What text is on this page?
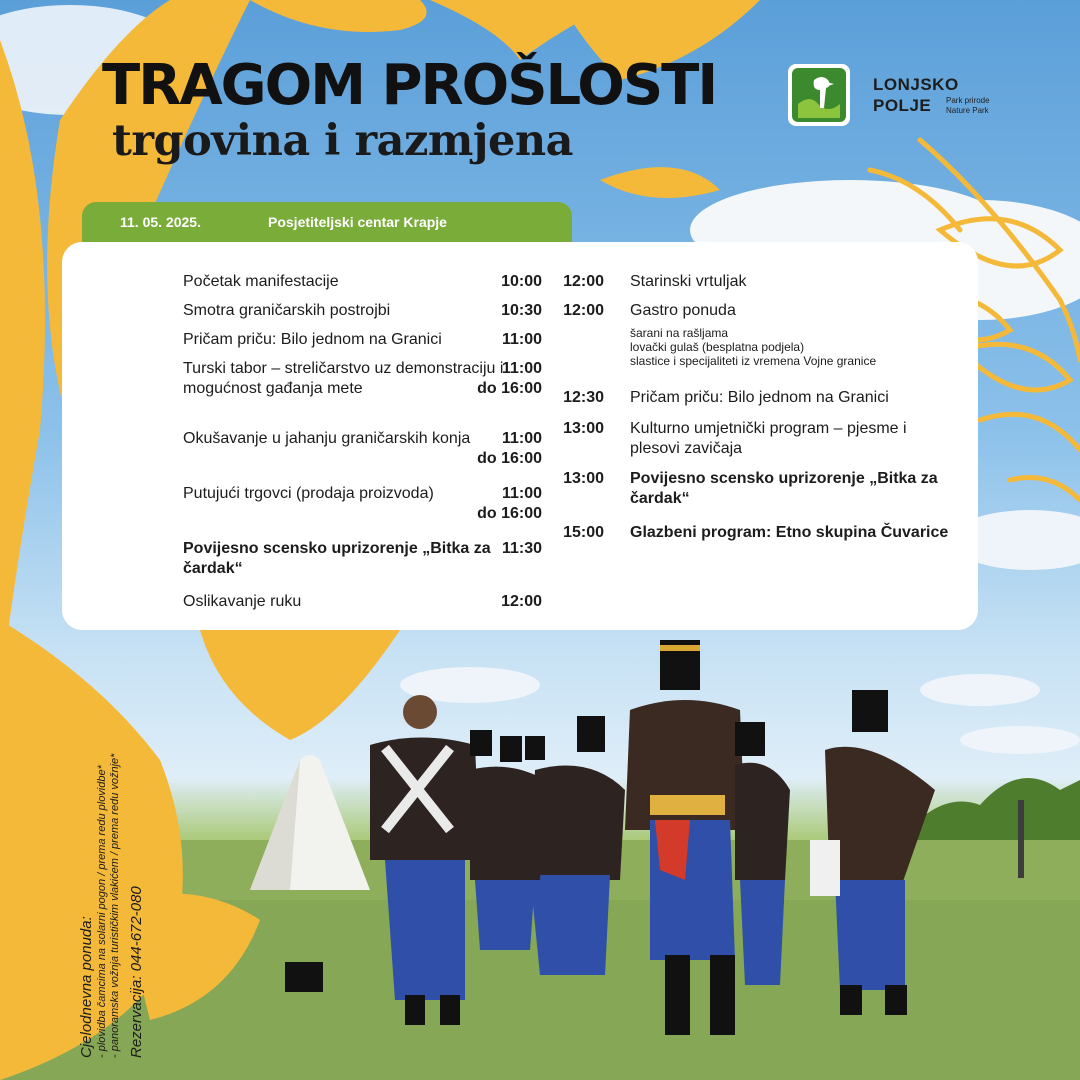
TRAGOM PROŠLOSTI
trgovina i razmjena
LONJSKO
POLJE	Park prirode
Nature Park
11. 05. 2025.	Posjetiteljski centar Krapje
10:00
Početak manifestacije
10:30
Smotra graničarskih postrojbi
11:00
Pričam priču: Bilo jednom na Granici
11:00
do 16:00
Turski tabor – streličarstvo uz demonstraciju i mogućnost gađanja mete
11:00
do 16:00
Okušavanje u jahanju graničarskih konja
11:00
do 16:00
Putujući trgovci (prodaja proizvoda)
11:30
Povijesno scensko uprizorenje „Bitka za čardak“
12:00
Oslikavanje ruku
12:00 Starinski vrtuljak
12:00 Gastro ponuda
šarani na rašljama
lovački gulaš (besplatna podjela)
slastice i specijaliteti iz vremena Vojne granice
12:30 Pričam priču: Bilo jednom na Granici
13:00 Kulturno umjetnički program – pjesme i plesovi zavičaja
13:00 Povijesno scensko uprizorenje „Bitka za čardak“
15:00 Glazbeni program: Etno skupina Čuvarice
Cjelodnevna ponuda: - plovidba čamcima na solarni pogon / prema redu plovidbe* - panoramska vožnja turističkim vlakićem / prema redu vožnje* Rezervacija: 044-672-080
